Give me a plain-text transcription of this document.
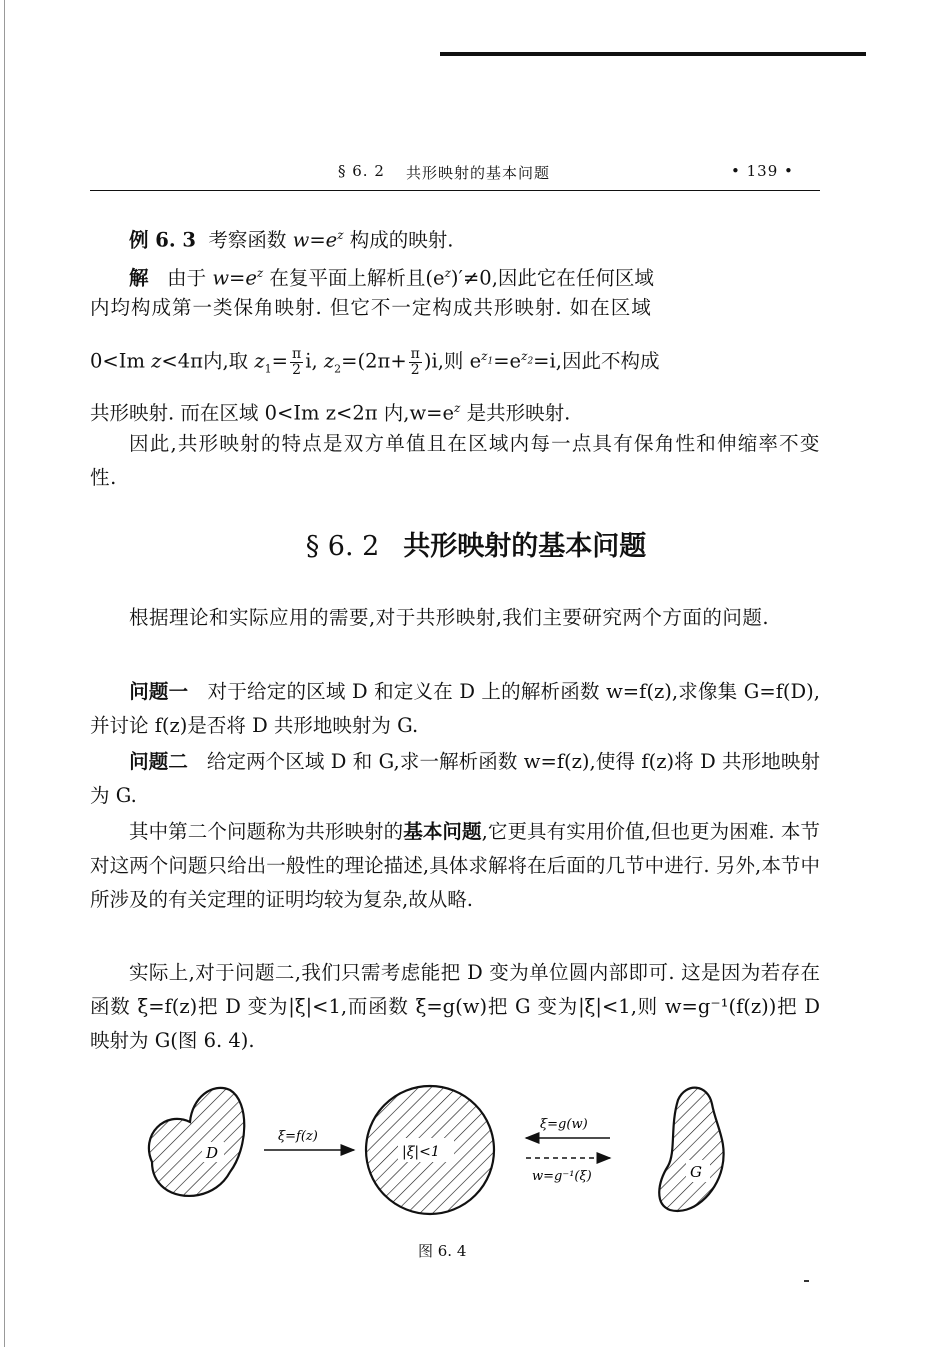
§ 6. 2 共形映射的基本问题	• 139 •
例 6. 3 考察函数 $w=e^z$ 构成的映射.
解 由于 $w=e^z$ 在复平面上解析且$(e^z)'\ne 0$,因此它在任何区域
内均构成第一类保角映射. 但它不一定构成共形映射. 如在区域
0<Im z<4π内,取 $z_1= \frac{\pi}{2} i$, $z_2=(2\pi+ \frac{\pi}{2} )i$,则 $e^{z_1}=e^{z_2}=i$,因此不构成
共形映射. 而在区域 0<Im z<2π 内$,w=e^z$ 是共形映射.
因此,共形映射的特点是双方单值且在区域内每一点具有保角性和伸缩率不变性.
§ 6. 2 共形映射的基本问题
根据理论和实际应用的需要,对于共形映射,我们主要研究两个方面的问题.
问题一 对于给定的区域 D 和定义在 D 上的解析函数 w=f(z),求像集 G=f(D),并讨论 f(z)是否将 D 共形地映射为 G.
问题二 给定两个区域 D 和 G,求一解析函数 w=f(z),使得 f(z)将 D 共形地映射为 G.
其中第二个问题称为共形映射的基本问题,它更具有实用价值,但也更为困难. 本节对这两个问题只给出一般性的理论描述,具体求解将在后面的几节中进行. 另外,本节中所涉及的有关定理的证明均较为复杂,故从略.
实际上,对于问题二,我们只需考虑能把 D 变为单位圆内部即可. 这是因为若存在函数 ξ=f(z)把 D 变为|ξ|<1,而函数 ξ=g(w)把 G 变为|ξ|<1,则 w=g⁻¹(f(z))把 D 映射为 G(图 6. 4).
D
ξ=f(z)
|ξ|<1
ξ=g(w)
w=g⁻¹(ξ)	G
图 6. 4
